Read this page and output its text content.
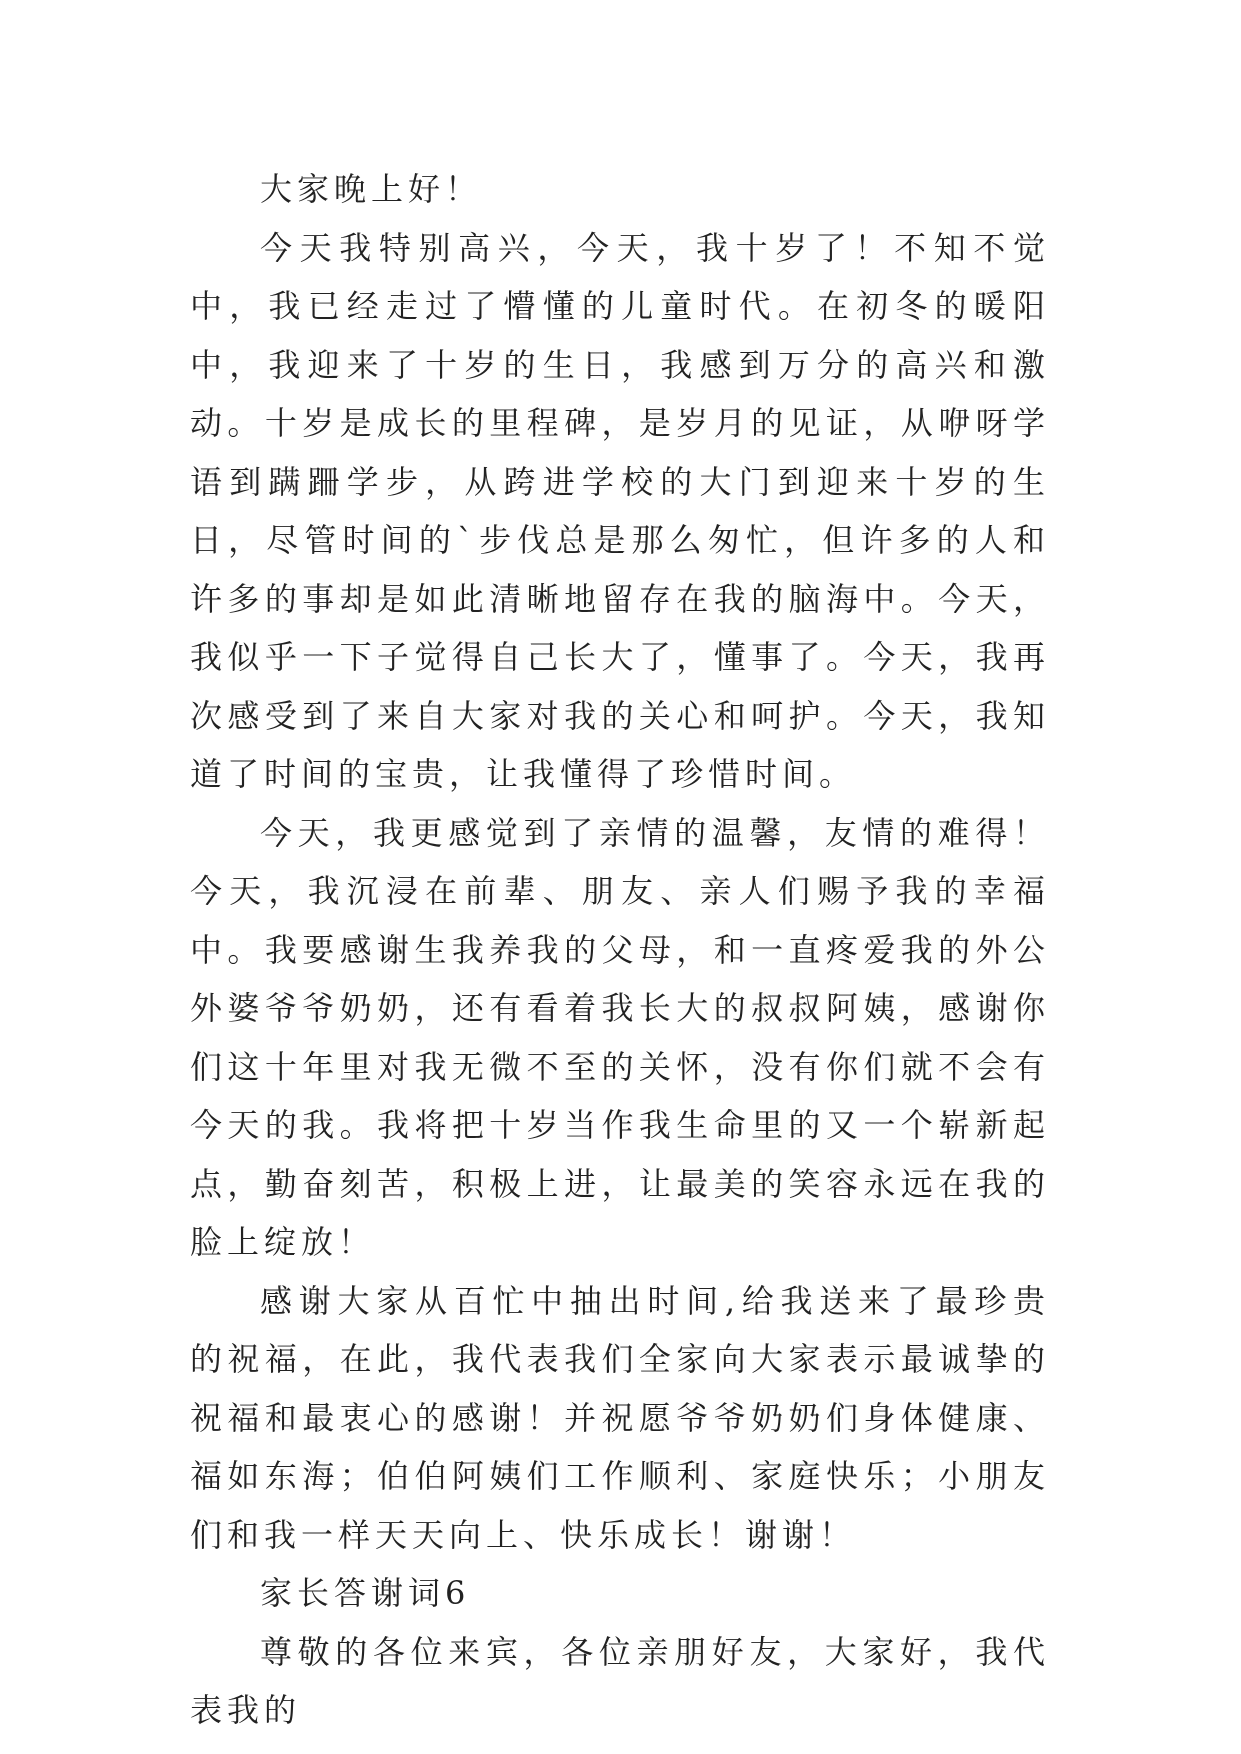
大家晚上好！

今天我特别高兴，今天，我十岁了！不知不觉中，我已经走过了懵懂的儿童时代。在初冬的暖阳中，我迎来了十岁的生日，我感到万分的高兴和激动。十岁是成长的里程碑，是岁月的见证，从咿呀学语到蹒跚学步，从跨进学校的大门到迎来十岁的生日，尽管时间的`步伐总是那么匆忙，但许多的人和许多的事却是如此清晰地留存在我的脑海中。今天，我似乎一下子觉得自己长大了，懂事了。今天，我再次感受到了来自大家对我的关心和呵护。今天，我知道了时间的宝贵，让我懂得了珍惜时间。

今天，我更感觉到了亲情的温馨，友情的难得！今天，我沉浸在前辈、朋友、亲人们赐予我的幸福中。我要感谢生我养我的父母，和一直疼爱我的外公外婆爷爷奶奶，还有看着我长大的叔叔阿姨，感谢你们这十年里对我无微不至的关怀，没有你们就不会有今天的我。我将把十岁当作我生命里的又一个崭新起点，勤奋刻苦，积极上进，让最美的笑容永远在我的脸上绽放！

感谢大家从百忙中抽出时间,给我送来了最珍贵的祝福，在此，我代表我们全家向大家表示最诚挚的祝福和最衷心的感谢！并祝愿爷爷奶奶们身体健康、福如东海；伯伯阿姨们工作顺利、家庭快乐；小朋友们和我一样天天向上、快乐成长！谢谢！

家长答谢词6

尊敬的各位来宾，各位亲朋好友，大家好，我代表我的
